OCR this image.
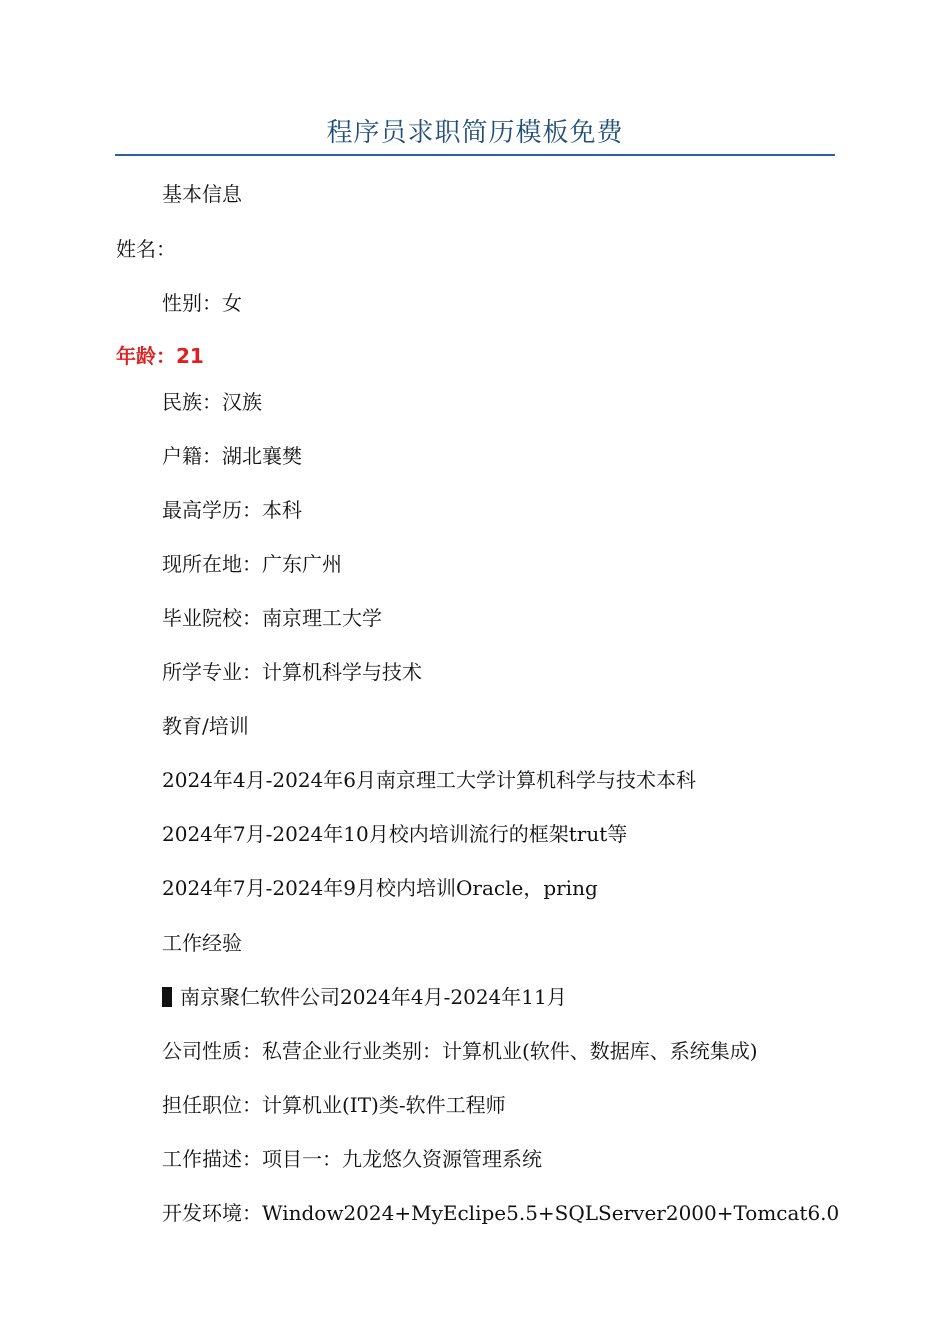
程序员求职简历模板免费
基本信息
姓名：
性别：女
年龄：21
民族：汉族
户籍：湖北襄樊
最高学历：本科
现所在地：广东广州
毕业院校：南京理工大学
所学专业：计算机科学与技术
教育/培训
2024年4月-2024年6月南京理工大学计算机科学与技术本科
2024年7月-2024年10月校内培训流行的框架trut等
2024年7月-2024年9月校内培训Oracle，pring
工作经验
南京聚仁软件公司2024年4月-2024年11月
公司性质：私营企业行业类别：计算机业(软件、数据库、系统集成)
担任职位：计算机业(IT)类-软件工程师
工作描述：项目一：九龙悠久资源管理系统
开发环境：Window2024+MyEclipe5.5+SQLServer2000+Tomcat6.0
